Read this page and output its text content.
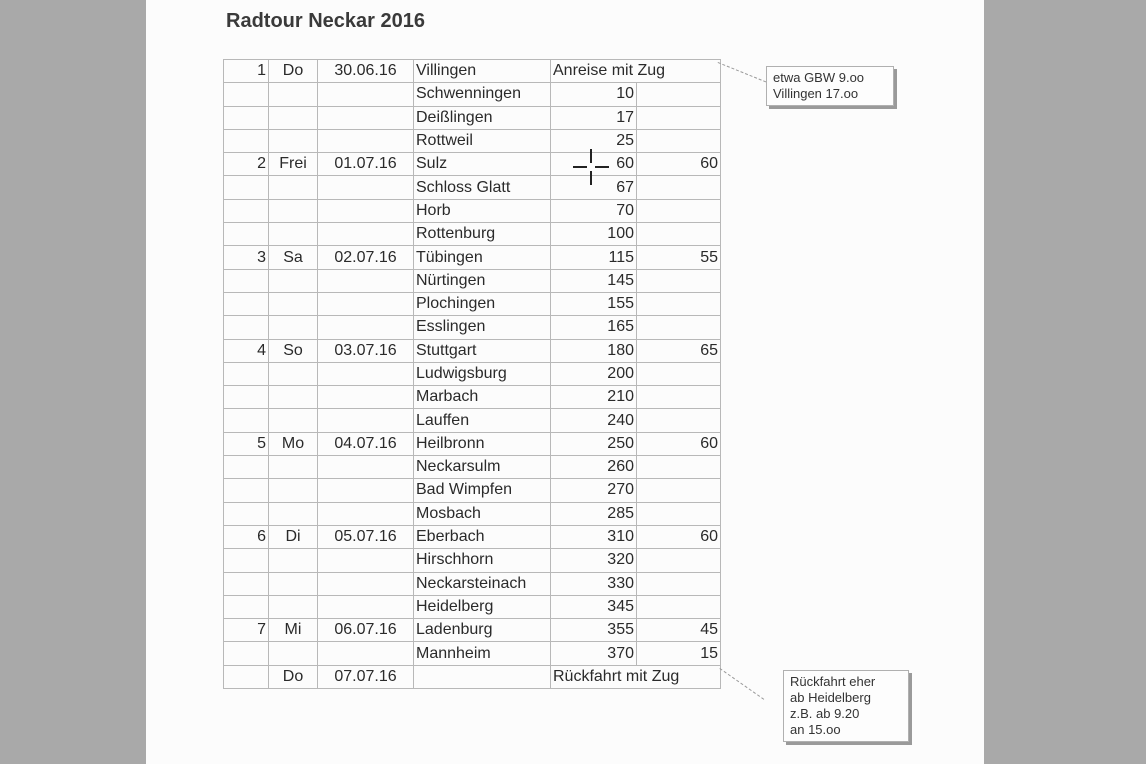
Radtour Neckar 2016
1	Do	30.06.16	Villingen	Anreise mit Zug	
			Schwenningen	10	
			Deißlingen	17	
			Rottweil	25	
2	Frei	01.07.16	Sulz	60	60
			Schloss Glatt	67	
			Horb	70	
			Rottenburg	100	
3	Sa	02.07.16	Tübingen	115	55
			Nürtingen	145	
			Plochingen	155	
			Esslingen	165	
4	So	03.07.16	Stuttgart	180	65
			Ludwigsburg	200	
			Marbach	210	
			Lauffen	240	
5	Mo	04.07.16	Heilbronn	250	60
			Neckarsulm	260	
			Bad Wimpfen	270	
			Mosbach	285	
6	Di	05.07.16	Eberbach	310	60
			Hirschhorn	320	
			Neckarsteinach	330	
			Heidelberg	345	
7	Mi	06.07.16	Ladenburg	355	45
			Mannheim	370	15
	Do	07.07.16		Rückfahrt mit Zug	
etwa GBW 9.oo
Villingen 17.oo
Rückfahrt eher
ab Heidelberg
z.B. ab 9.20
an 15.oo
